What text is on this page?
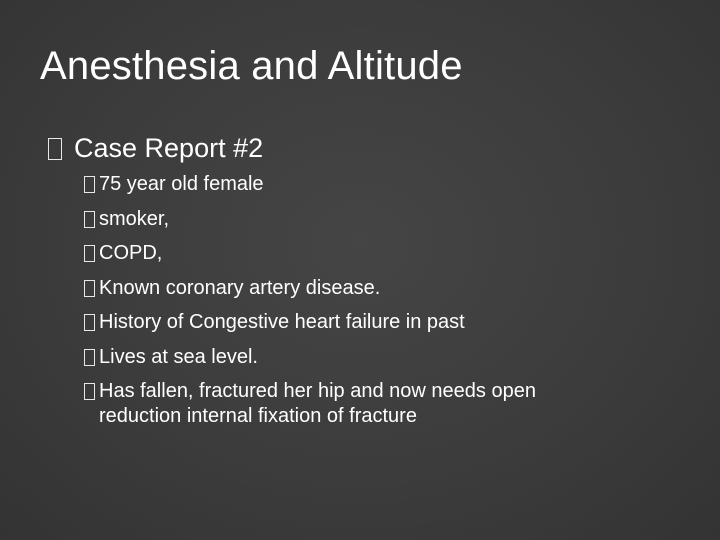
Anesthesia and Altitude
Case Report #2
75 year old female
smoker,
COPD,
Known coronary artery disease.
History of Congestive heart failure in past
Lives at sea level.
Has fallen, fractured her hip and now needs open reduction internal fixation of fracture
